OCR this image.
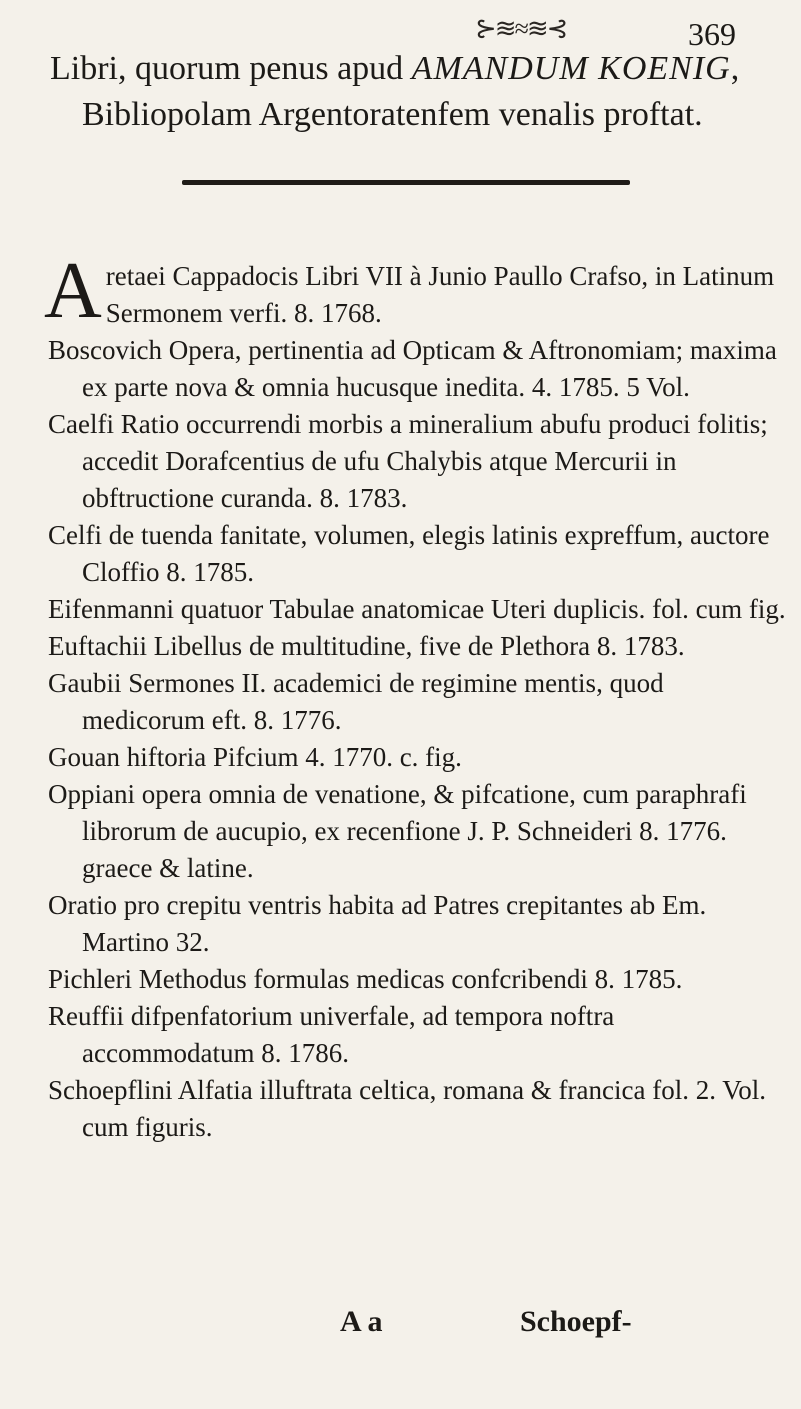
⊱≋≈≋⊰	369
Libri, quorum penus apud AMANDUM KOENIG,
Bibliopolam Argentoratenfem venalis proftat.

Aretaei Cappadocis Libri VII à Junio Paullo Crafso, in Latinum Sermonem verfi. 8. 1768.

Boscovich Opera, pertinentia ad Opticam & Aftronomiam; maxima ex parte nova & omnia hucusque inedita. 4. 1785. 5 Vol.

Caelfi Ratio occurrendi morbis a mineralium abufu produci folitis; accedit Dorafcentius de ufu Chalybis atque Mercurii in obftructione curanda. 8. 1783.

Celfi de tuenda fanitate, volumen, elegis latinis expreffum, auctore Cloffio 8. 1785.

Eifenmanni quatuor Tabulae anatomicae Uteri duplicis. fol. cum fig.

Euftachii Libellus de multitudine, five de Plethora 8. 1783.

Gaubii Sermones II. academici de regimine mentis, quod medicorum eft. 8. 1776.

Gouan hiftoria Pifcium 4. 1770. c. fig.

Oppiani opera omnia de venatione, & pifcatione, cum paraphrafi librorum de aucupio, ex recenfione J. P. Schneideri 8. 1776. graece & latine.

Oratio pro crepitu ventris habita ad Patres crepitantes ab Em. Martino 32.

Pichleri Methodus formulas medicas confcribendi 8. 1785.

Reuffii difpenfatorium univerfale, ad tempora noftra accommodatum 8. 1786.

Schoepflini Alfatia illuftrata celtica, romana & francica fol. 2. Vol. cum figuris.

A a	Schoepf-
